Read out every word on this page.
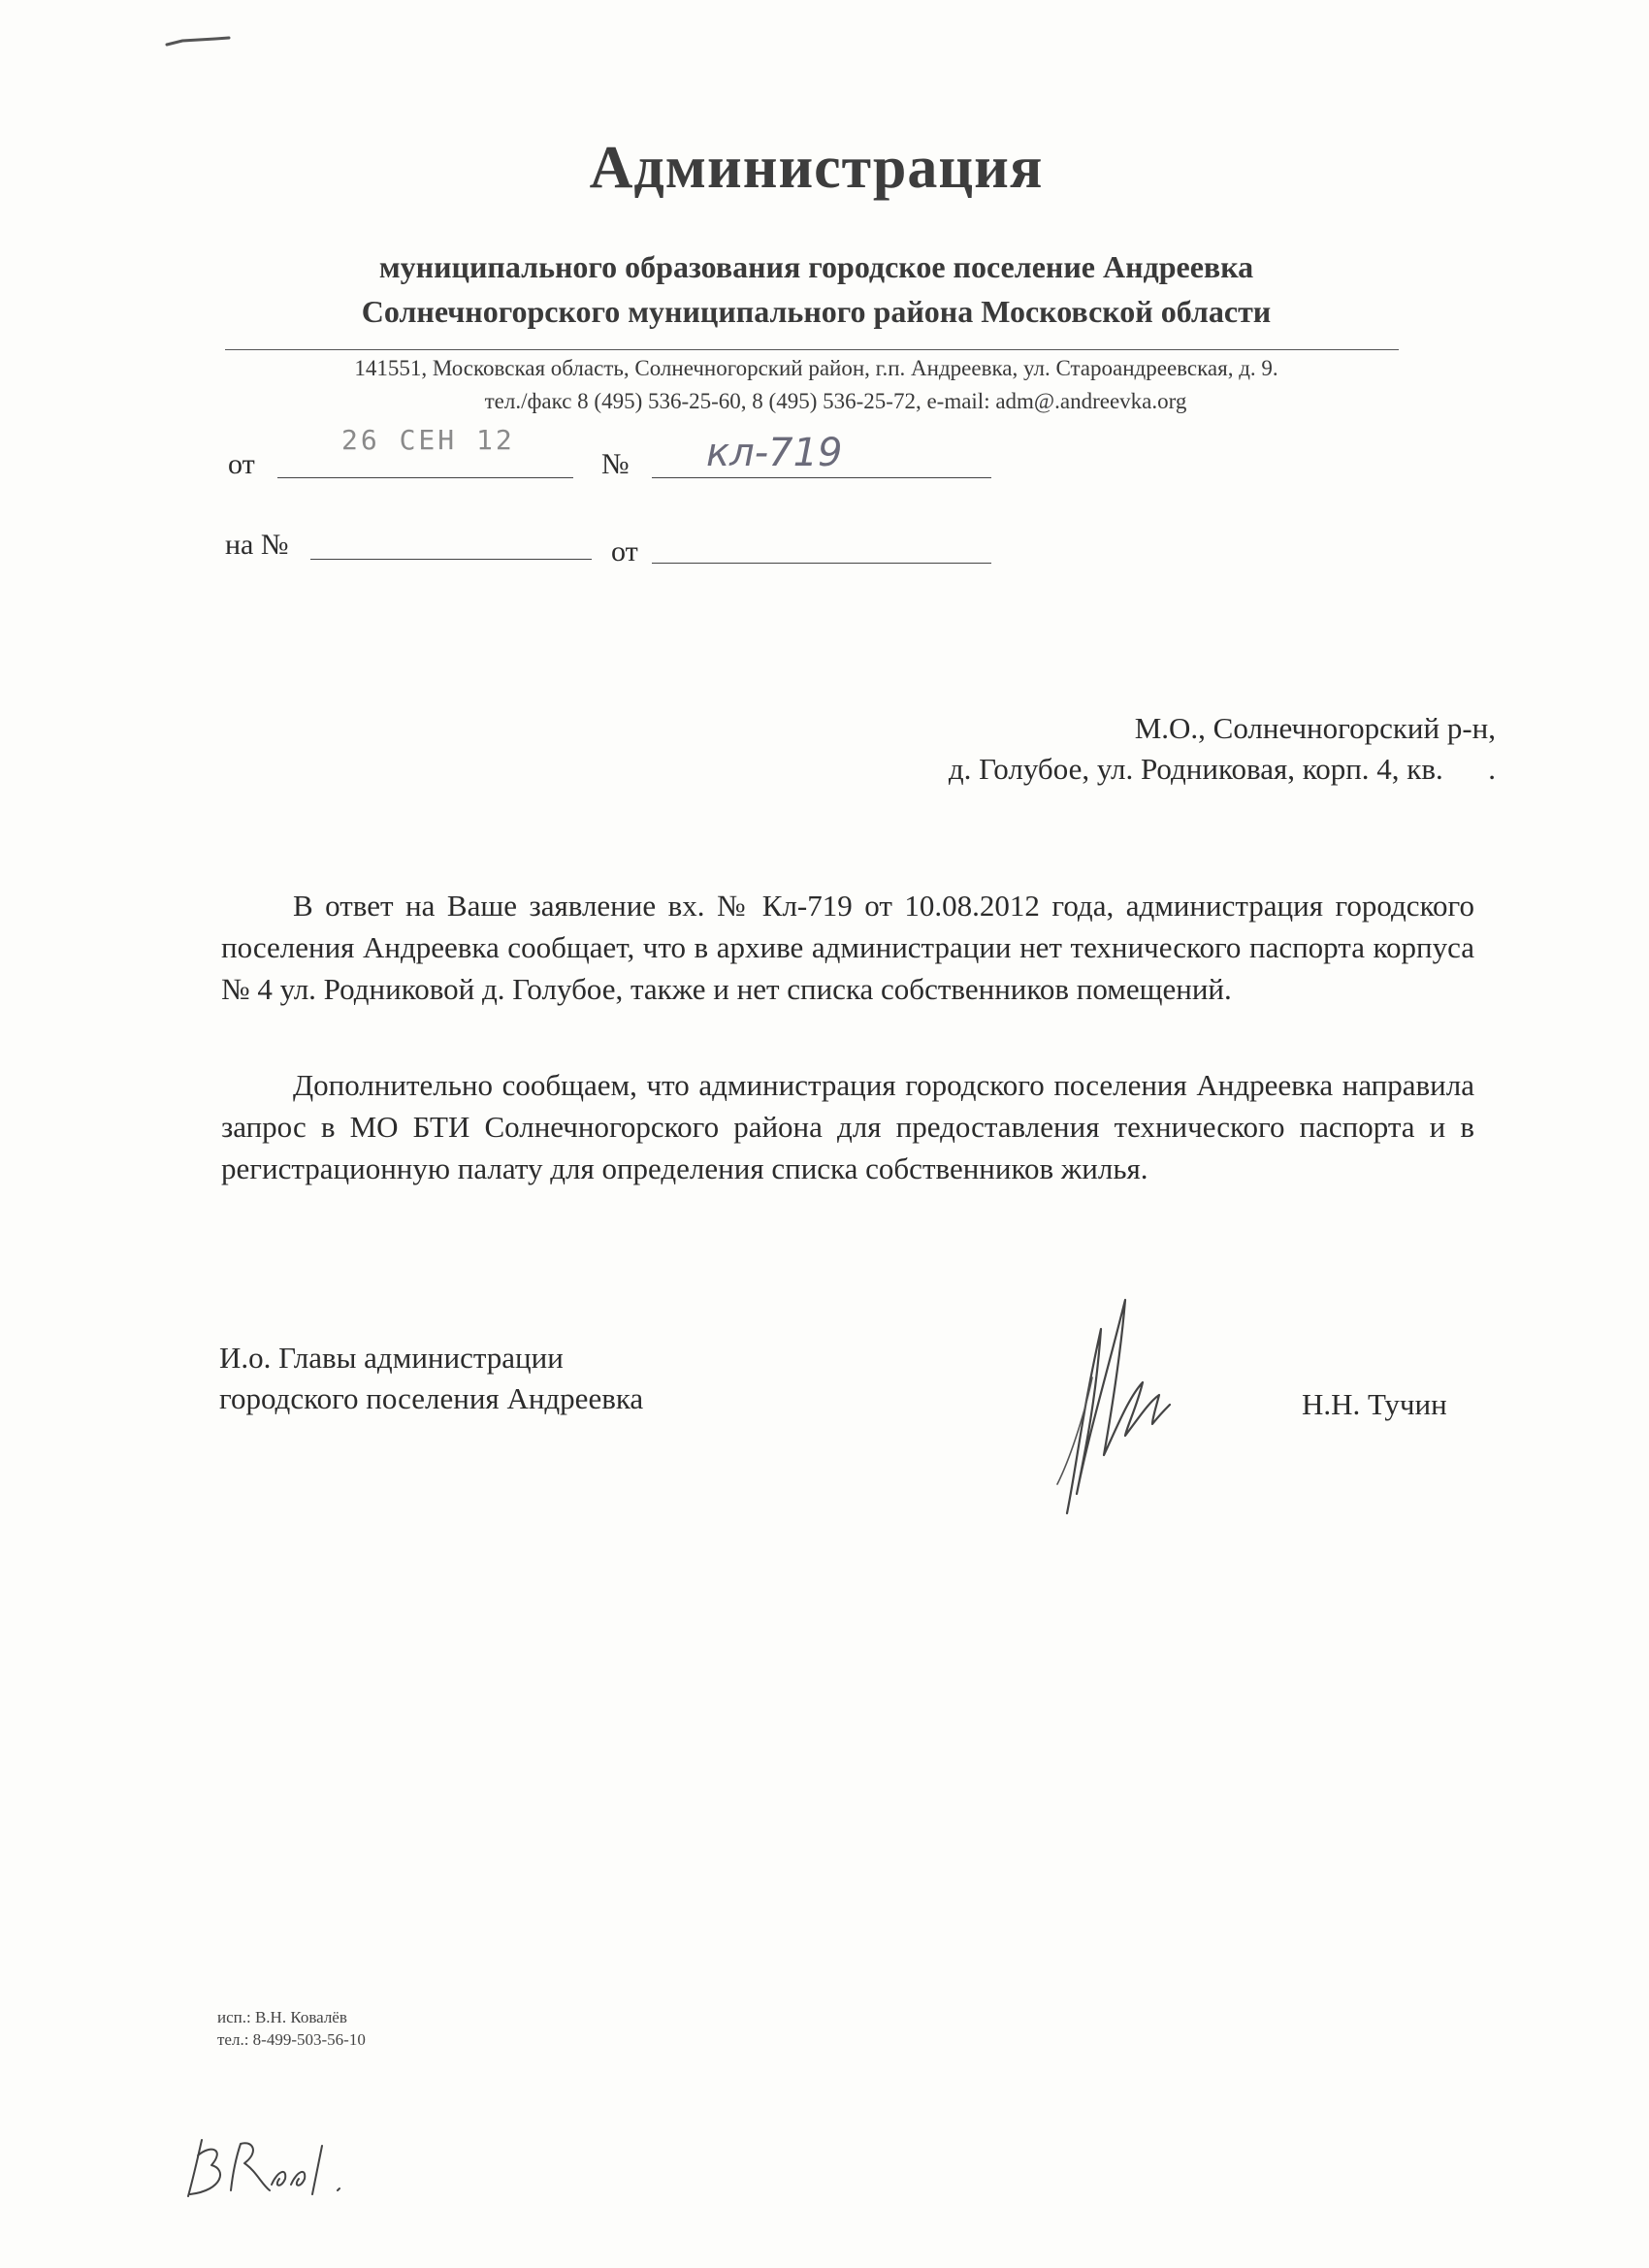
Администрация
муниципального образования городское поселение Андреевка
Солнечногорского муниципального района Московской области
141551, Московская область, Солнечногорский район, г.п. Андреевка, ул. Староандреевская, д. 9.
тел./факс 8 (495) 536-25-60, 8 (495) 536-25-72, e-mail: adm@.andreevka.org
от
26 СЕН 12
№ кл-719
на №	от
М.О., Солнечногорский р-н,
д. Голубое, ул. Родниковая, корп. 4, кв.      .

В ответ на Ваше заявление вх. № Кл-719 от 10.08.2012 года, администрация городского поселения Андреевка сообщает, что в архиве администрации нет технического паспорта корпуса № 4 ул. Родниковой д. Голубое, также и нет списка собственников помещений.

Дополнительно сообщаем, что администрация городского поселения Андреевка направила запрос в МО БТИ Солнечногорского района для предоставления технического паспорта и в регистрационную палату для определения списка собственников жилья.

И.о. Главы администрации
городского поселения Андреевка	Н.Н. Тучин
исп.: В.Н. Ковалёв
тел.: 8-499-503-56-10
